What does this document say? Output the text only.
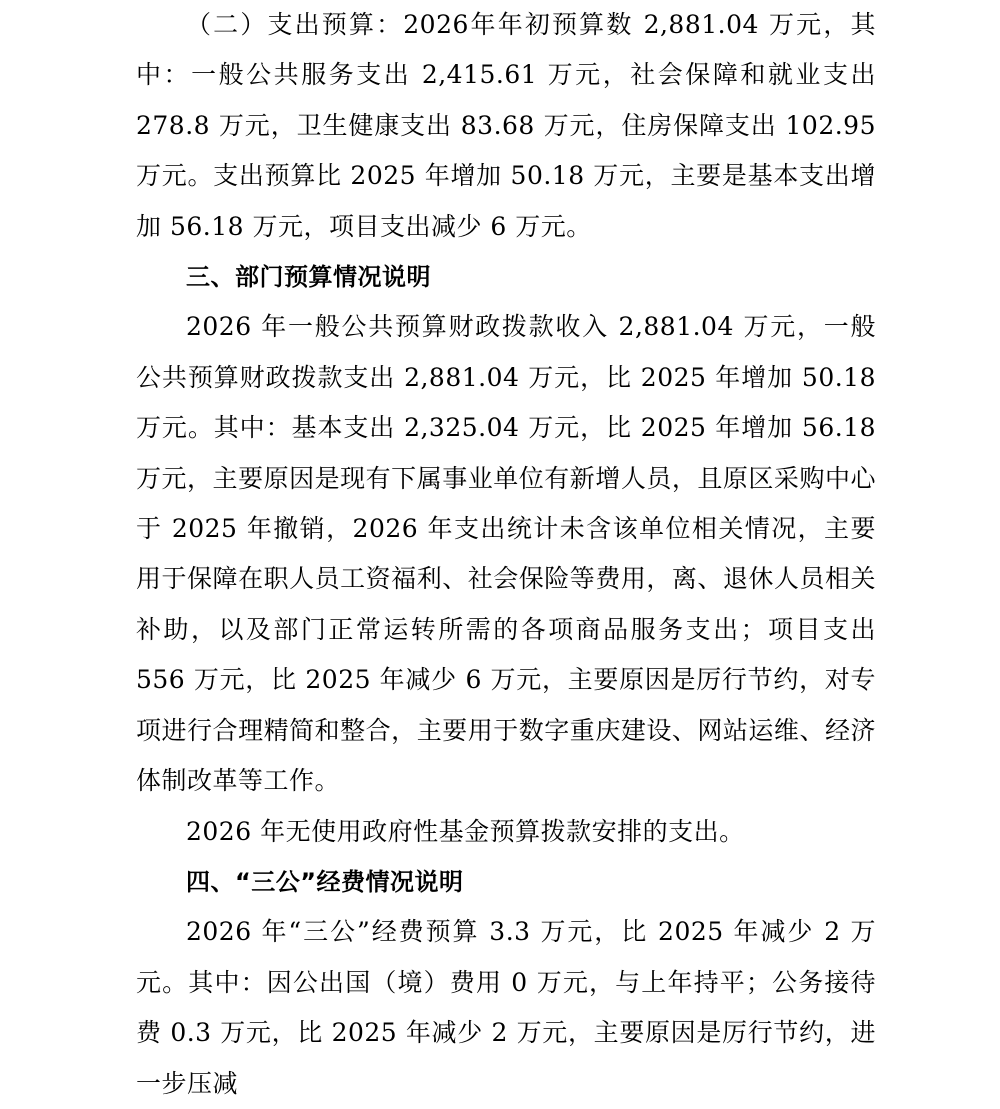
（二）支出预算：2026年年初预算数 2,881.04 万元，其中：一般公共服务支出 2,415.61 万元，社会保障和就业支出 278.8 万元，卫生健康支出 83.68 万元，住房保障支出 102.95 万元。支出预算比 2025 年增加 50.18 万元，主要是基本支出增加 56.18 万元，项目支出减少 6 万元。

三、部门预算情况说明

2026 年一般公共预算财政拨款收入 2,881.04 万元，一般公共预算财政拨款支出 2,881.04 万元，比 2025 年增加 50.18 万元。其中：基本支出 2,325.04 万元，比 2025 年增加 56.18 万元，主要原因是现有下属事业单位有新增人员，且原区采购中心于 2025 年撤销，2026 年支出统计未含该单位相关情况，主要用于保障在职人员工资福利、社会保险等费用，离、退休人员相关补助，以及部门正常运转所需的各项商品服务支出；项目支出 556 万元，比 2025 年减少 6 万元，主要原因是厉行节约，对专项进行合理精简和整合，主要用于数字重庆建设、网站运维、经济体制改革等工作。

2026 年无使用政府性基金预算拨款安排的支出。

四、“三公”经费情况说明

2026 年“三公”经费预算 3.3 万元，比 2025 年减少 2 万元。其中：因公出国（境）费用 0 万元，与上年持平；公务接待费 0.3 万元，比 2025 年减少 2 万元，主要原因是厉行节约，进一步压减
